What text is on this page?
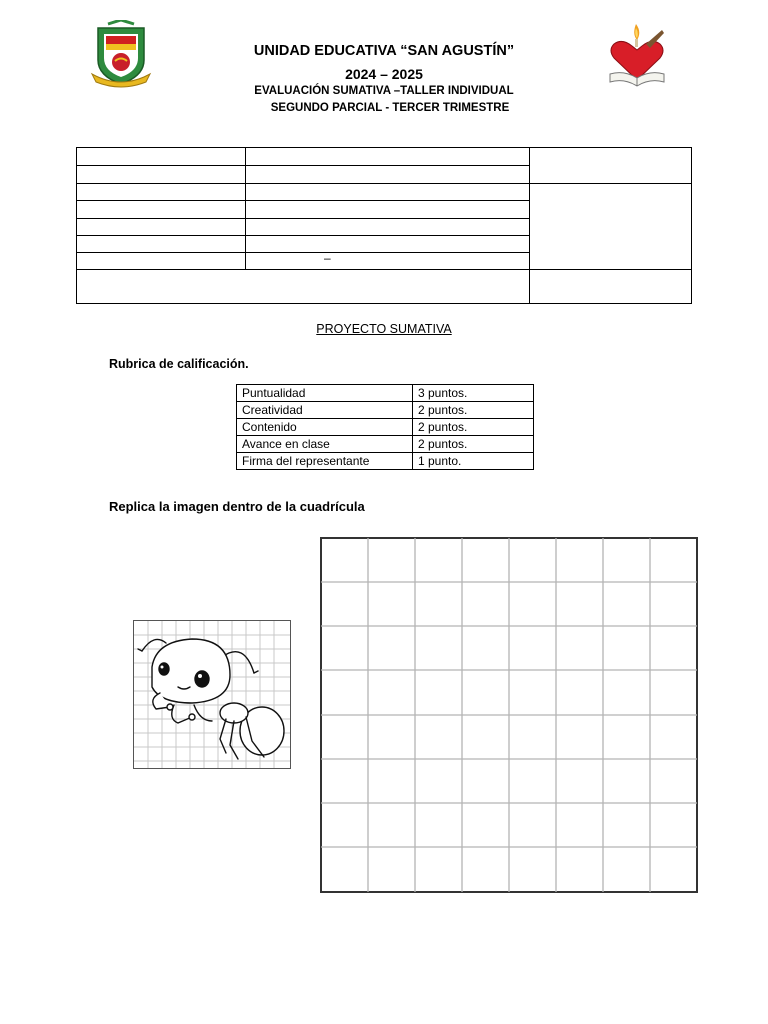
UNIDAD EDUCATIVA “SAN AGUSTÍN”
2024 – 2025
EVALUACIÓN SUMATIVA –TALLER INDIVIDUAL
SEGUNDO PARCIAL - TERCER TRIMESTRE
–
PROYECTO SUMATIVA
Rubrica de calificación.
Puntualidad	3 puntos.
Creatividad	2 puntos.
Contenido	2 puntos.
Avance en clase	2 puntos.
Firma del representante	1 punto.
Replica la imagen dentro de la cuadrícula
